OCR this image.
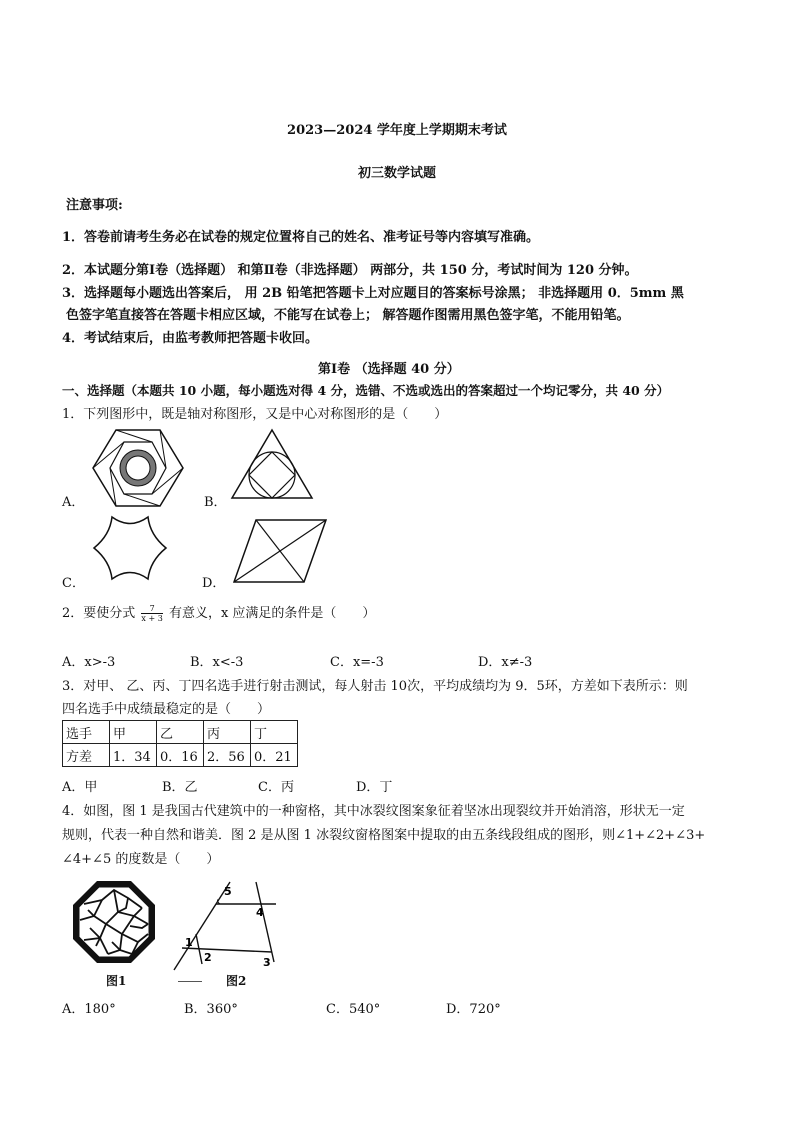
2023—2024 学年度上学期期末考试
初三数学试题
注意事项:
1．答卷前请考生务必在试卷的规定位置将自己的姓名、准考证号等内容填写准确。
2．本试题分第Ⅰ卷（选择题） 和第Ⅱ卷（非选择题） 两部分，共 150 分，考试时间为 120 分钟。
3．选择题每小题选出答案后， 用 2B 铅笔把答题卡上对应题目的答案标号涂黑； 非选择题用 0．5mm 黑
色签字笔直接答在答题卡相应区域，不能写在试卷上； 解答题作图需用黑色签字笔，不能用铅笔。
4．考试结束后，由监考教师把答题卡收回。
第Ⅰ卷 （选择题 40 分）
一、选择题（本题共 10 小题，每小题选对得 4 分，选错、不选或选出的答案超过一个均记零分，共 40 分）
1．下列图形中，既是轴对称图形，又是中心对称图形的是（　　）
A．	B．
C．	D．
2．要使分式 $\frac{7}{x + 3}$ 有意义，x 应满足的条件是（　　）
A．x>-3	B．x<-3	C．x=-3	D．x≠-3
3．对甲、 乙、丙、丁四名选手进行射击测试，每人射击 10次，平均成绩均为 9．5环，方差如下表所示：则
四名选手中成绩最稳定的是（　　）
选手	甲	乙	丙	丁
方差	1．34	0．16	2．56	0．21
A．甲	B．乙	C．丙	D．丁
4．如图，图 1 是我国古代建筑中的一种窗格，其中冰裂纹图案象征着坚冰出现裂纹并开始消溶，形状无一定
规则，代表一种自然和谐美．图 2 是从图 1 冰裂纹窗格图案中提取的由五条线段组成的图形，则∠1+∠2+∠3+
∠4+∠5 的度数是（　　）
图1
5
4
1
2	3
图2
A．180°	B．360°	C．540°	D．720°
